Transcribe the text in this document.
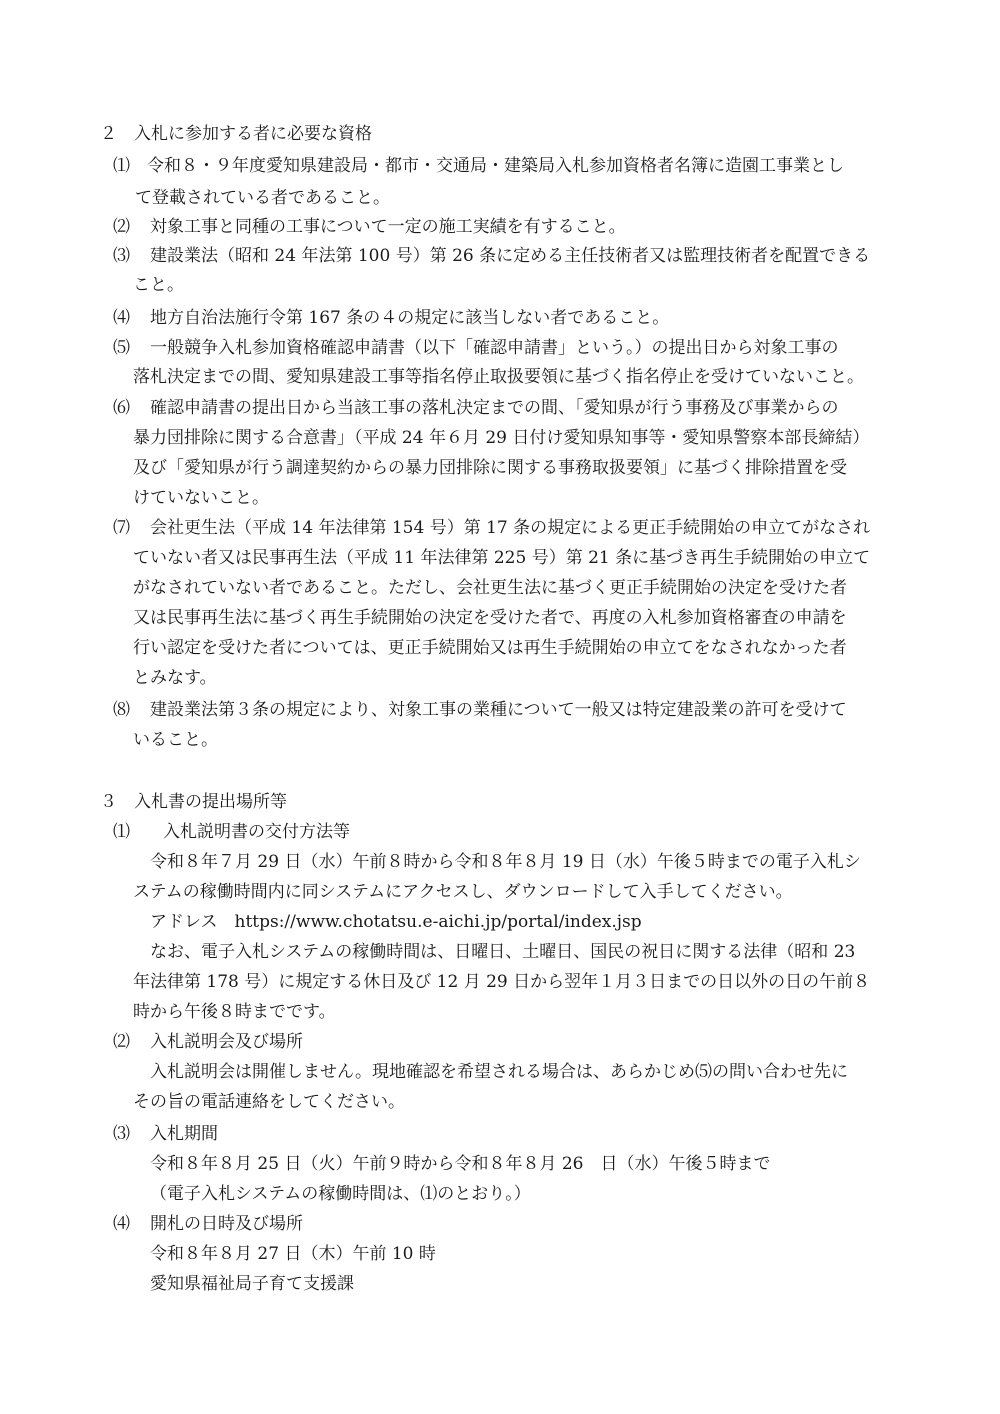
２　入札に参加する者に必要な資格
⑴ 令和８・９年度愛知県建設局・都市・交通局・建築局入札参加資格者名簿に造園工事業とし
て登載されている者であること。
⑵ 対象工事と同種の工事について一定の施工実績を有すること。
⑶ 建設業法（昭和 24 年法第 100 号）第 26 条に定める主任技術者又は監理技術者を配置できる
こと。
⑷ 地方自治法施行令第 167 条の４の規定に該当しない者であること。
⑸ 一般競争入札参加資格確認申請書（以下「確認申請書」という。）の提出日から対象工事の
落札決定までの間、愛知県建設工事等指名停止取扱要領に基づく指名停止を受けていないこと。
⑹ 確認申請書の提出日から当該工事の落札決定までの間、「愛知県が行う事務及び事業からの
暴力団排除に関する合意書」（平成 24 年６月 29 日付け愛知県知事等・愛知県警察本部長締結）
及び「愛知県が行う調達契約からの暴力団排除に関する事務取扱要領」に基づく排除措置を受
けていないこと。
⑺ 会社更生法（平成 14 年法律第 154 号）第 17 条の規定による更正手続開始の申立てがなされ
ていない者又は民事再生法（平成 11 年法律第 225 号）第 21 条に基づき再生手続開始の申立て
がなされていない者であること。ただし、会社更生法に基づく更正手続開始の決定を受けた者
又は民事再生法に基づく再生手続開始の決定を受けた者で、再度の入札参加資格審査の申請を
行い認定を受けた者については、更正手続開始又は再生手続開始の申立てをなされなかった者
とみなす。
⑻ 建設業法第３条の規定により、対象工事の業種について一般又は特定建設業の許可を受けて
いること。
３　入札書の提出場所等
⑴ 入札説明書の交付方法等
令和８年７月 29 日（水）午前８時から令和８年８月 19 日（水）午後５時までの電子入札シ
ステムの稼働時間内に同システムにアクセスし、ダウンロードして入手してください。
アドレス　https://www.chotatsu.e-aichi.jp/portal/index.jsp
なお、電子入札システムの稼働時間は、日曜日、土曜日、国民の祝日に関する法律（昭和 23
年法律第 178 号）に規定する休日及び 12 月 29 日から翌年１月３日までの日以外の日の午前８
時から午後８時までです。
⑵ 入札説明会及び場所
入札説明会は開催しません。現地確認を希望される場合は、あらかじめ⑸の問い合わせ先に
その旨の電話連絡をしてください。
⑶ 入札期間
令和８年８月 25 日（火）午前９時から令和８年８月 26　日（水）午後５時まで
（電子入札システムの稼働時間は、⑴のとおり。）
⑷ 開札の日時及び場所
令和８年８月 27 日（木）午前 10 時
愛知県福祉局子育て支援課
